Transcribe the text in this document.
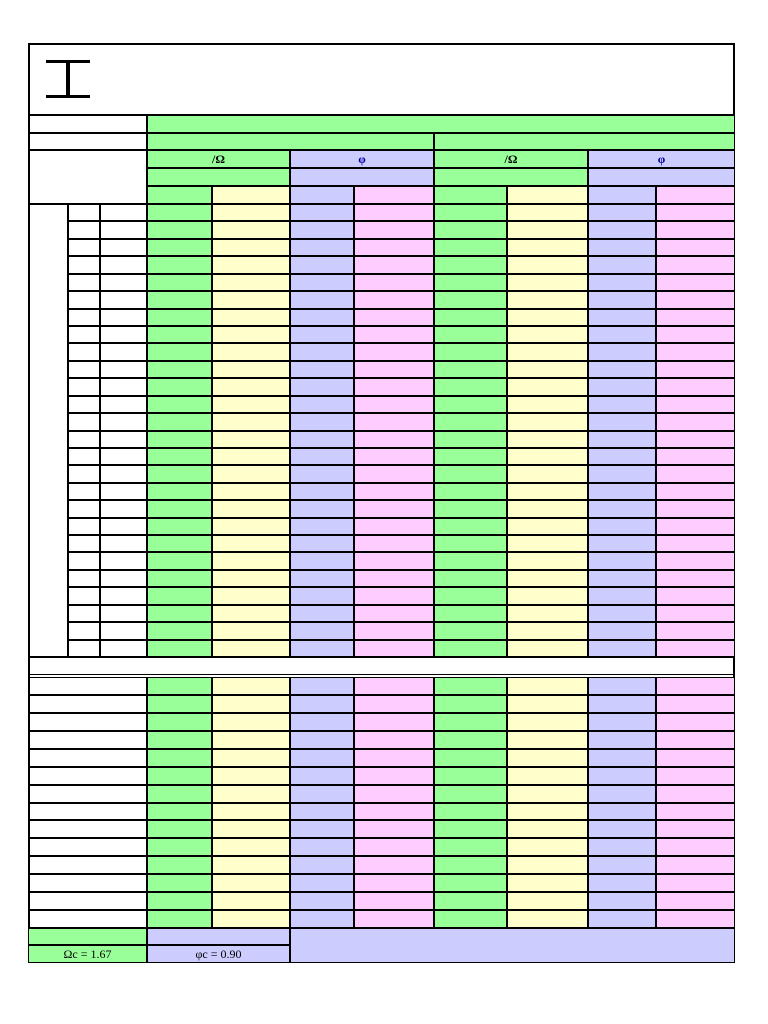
/Ω	φ	/Ω	φ
Ωc = 1.67	φc = 0.90
